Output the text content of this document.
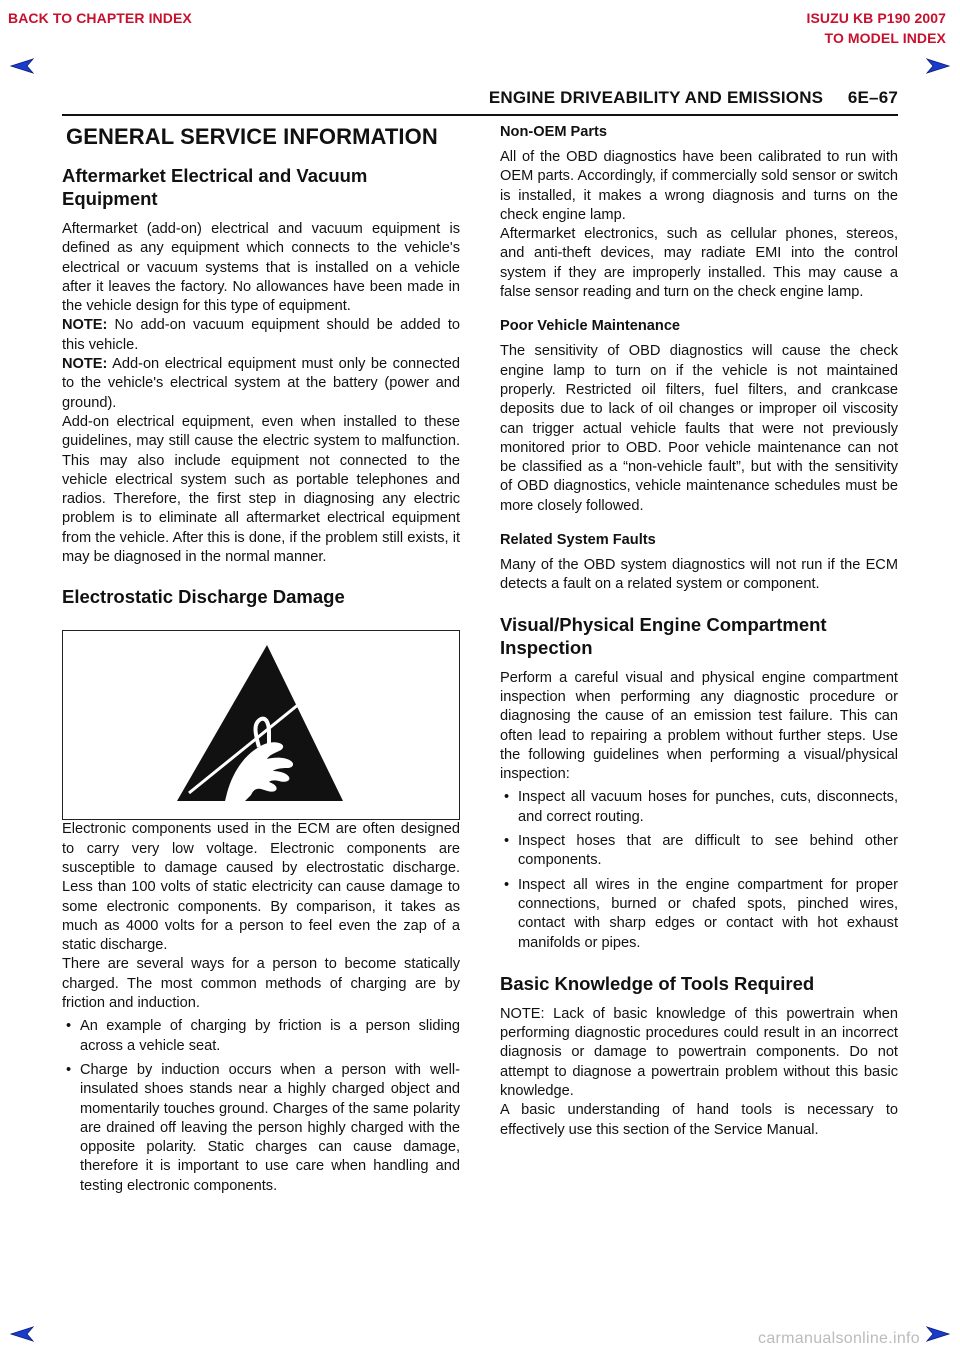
BACK TO CHAPTER INDEX	ISUZU KB P190 2007
TO MODEL INDEX
ENGINE DRIVEABILITY AND EMISSIONS     6E–67
GENERAL SERVICE INFORMATION
Aftermarket Electrical and Vacuum Equipment

Aftermarket (add-on) electrical and vacuum equipment is defined as any equipment which connects to the vehicle's electrical or vacuum systems that is installed on a vehicle after it leaves the factory. No allowances have been made in the vehicle design for this type of equipment.

NOTE: No add-on vacuum equipment should be added to this vehicle.

NOTE: Add-on electrical equipment must only be connected to the vehicle's electrical system at the battery (power and ground).

Add-on electrical equipment, even when installed to these guidelines, may still cause the electric system to malfunction. This may also include equipment not connected to the vehicle electrical system such as portable telephones and radios. Therefore, the first step in diagnosing any electric problem is to eliminate all aftermarket electrical equipment from the vehicle. After this is done, if the problem still exists, it may be diagnosed in the normal manner.

Electrostatic Discharge Damage

Electronic components used in the ECM are often designed to carry very low voltage. Electronic components are susceptible to damage caused by electrostatic discharge. Less than 100 volts of static electricity can cause damage to some electronic components. By comparison, it takes as much as 4000 volts for a person to feel even the zap of a static discharge.

There are several ways for a person to become statically charged. The most common methods of charging are by friction and induction.

• An example of charging by friction is a person sliding across a vehicle seat.
• Charge by induction occurs when a person with well-insulated shoes stands near a highly charged object and momentarily touches ground. Charges of the same polarity are drained off leaving the person highly charged with the opposite polarity. Static charges can cause damage, therefore it is important to use care when handling and testing electronic components.
Non-OEM Parts

All of the OBD diagnostics have been calibrated to run with OEM parts. Accordingly, if commercially sold sensor or switch is installed, it makes a wrong diagnosis and turns on the check engine lamp.

Aftermarket electronics, such as cellular phones, stereos, and anti-theft devices, may radiate EMI into the control system if they are improperly installed. This may cause a false sensor reading and turn on the check engine lamp.

Poor Vehicle Maintenance

The sensitivity of OBD diagnostics will cause the check engine lamp to turn on if the vehicle is not maintained properly. Restricted oil filters, fuel filters, and crankcase deposits due to lack of oil changes or improper oil viscosity can trigger actual vehicle faults that were not previously monitored prior to OBD. Poor vehicle maintenance can not be classified as a “non-vehicle fault”, but with the sensitivity of OBD diagnostics, vehicle maintenance schedules must be more closely followed.

Related System Faults

Many of the OBD system diagnostics will not run if the ECM detects a fault on a related system or component.

Visual/Physical Engine Compartment Inspection

Perform a careful visual and physical engine compartment inspection when performing any diagnostic procedure or diagnosing the cause of an emission test failure. This can often lead to repairing a problem without further steps. Use the following guidelines when performing a visual/physical inspection:

• Inspect all vacuum hoses for punches, cuts, disconnects, and correct routing.
• Inspect hoses that are difficult to see behind other components.
• Inspect all wires in the engine compartment for proper connections, burned or chafed spots, pinched wires, contact with sharp edges or contact with hot exhaust manifolds or pipes.
Basic Knowledge of Tools Required

NOTE: Lack of basic knowledge of this powertrain when performing diagnostic procedures could result in an incorrect diagnosis or damage to powertrain components. Do not attempt to diagnose a powertrain problem without this basic knowledge.

A basic understanding of hand tools is necessary to effectively use this section of the Service Manual.

carmanualsonline.info
